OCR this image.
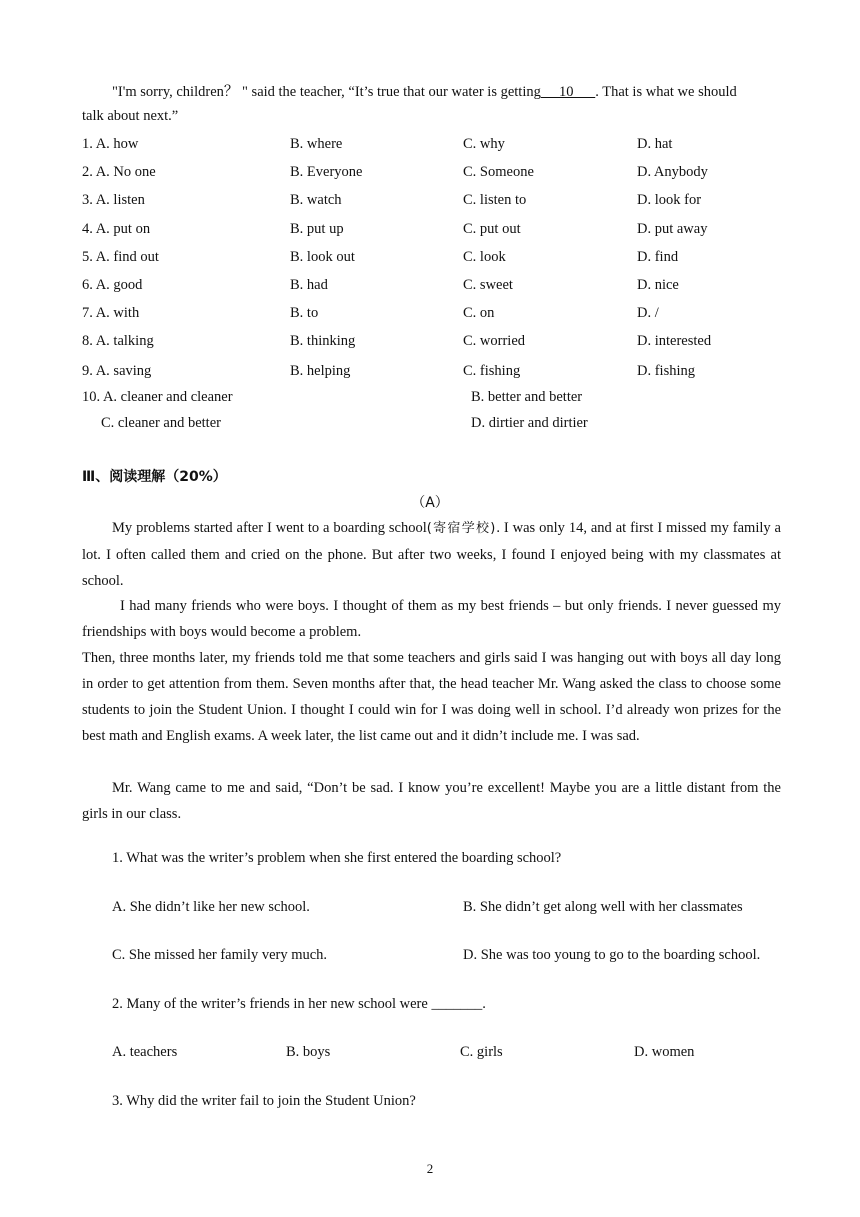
"I'm sorry, children？ " said the teacher, “It’s true that our water is getting 10 . That is what we should
talk about next.”
1. A. how	B. where	C. why	D. hat
2. A. No one	B. Everyone	C. Someone	D. Anybody
3. A. listen	B. watch	C. listen to	D. look for
4. A. put on	B. put up	C. put out	D. put away
5. A. find out	B. look out	C. look	D. find
6. A. good	B. had	C. sweet	D. nice
7. A. with	B. to	C. on	D. /
8. A. talking	B. thinking	C. worried	D. interested
9. A. saving	B. helping	C. fishing	D. fishing
10. A. cleaner and cleaner	B. better and better
C. cleaner and better	D. dirtier and dirtier
Ⅲ、阅读理解（20%）
（A）
My problems started after I went to a boarding school(寄宿学校). I was only 14, and at first I missed my family a lot. I often called them and cried on the phone. But after two weeks, I found I enjoyed being with my classmates at school.
I had many friends who were boys. I thought of them as my best friends – but only friends. I never guessed my friendships with boys would become a problem.
Then, three months later, my friends told me that some teachers and girls said I was hanging out with boys all day long in order to get attention from them. Seven months after that, the head teacher Mr. Wang asked the class to choose some students to join the Student Union. I thought I could win for I was doing well in school. I’d already won prizes for the best math and English exams. A week later, the list came out and it didn’t include me. I was sad.
Mr. Wang came to me and said, “Don’t be sad. I know you’re excellent! Maybe you are a little distant from the girls in our class.
1. What was the writer’s problem when she first entered the boarding school?
A. She didn’t like her new school.	B. She didn’t get along well with her classmates
C. She missed her family very much.	D. She was too young to go to the boarding school.
2. Many of the writer’s friends in her new school were _______.
A. teachers	B. boys	C. girls	D. women
3. Why did the writer fail to join the Student Union?
2
